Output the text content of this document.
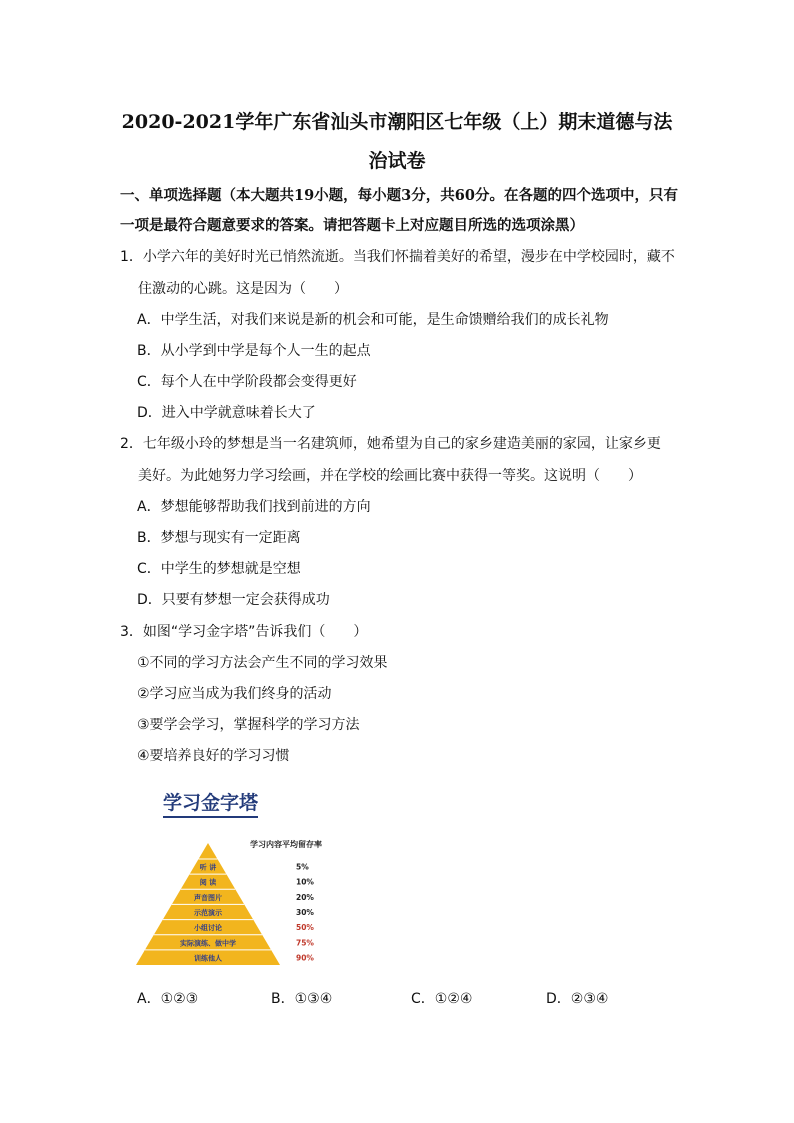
2020-2021学年广东省汕头市潮阳区七年级（上）期末道德与法
治试卷
一、单项选择题（本大题共19小题，每小题3分，共60分。在各题的四个选项中，只有
一项是最符合题意要求的答案。请把答题卡上对应题目所选的选项涂黑）
1．小学六年的美好时光已悄然流逝。当我们怀揣着美好的希望，漫步在中学校园时，藏不
住激动的心跳。这是因为（　　）
A．中学生活，对我们来说是新的机会和可能，是生命馈赠给我们的成长礼物
B．从小学到中学是每个人一生的起点
C．每个人在中学阶段都会变得更好
D．进入中学就意味着长大了
2．七年级小玲的梦想是当一名建筑师，她希望为自己的家乡建造美丽的家园，让家乡更
美好。为此她努力学习绘画，并在学校的绘画比赛中获得一等奖。这说明（　　）
A．梦想能够帮助我们找到前进的方向
B．梦想与现实有一定距离
C．中学生的梦想就是空想
D．只要有梦想一定会获得成功
3．如图“学习金字塔”告诉我们（　　）
①不同的学习方法会产生不同的学习效果
②学习应当成为我们终身的活动
③要学会学习，掌握科学的学习方法
④要培养良好的学习习惯
学习金字塔
学习内容平均留存率
听 讲	5%
阅 读	10%
声音图片	20%
示范演示	30%
小组讨论	50%
实际演练、做中学	75%
训练他人	90%
A．①②③	B．①③④	C．①②④	D．②③④
